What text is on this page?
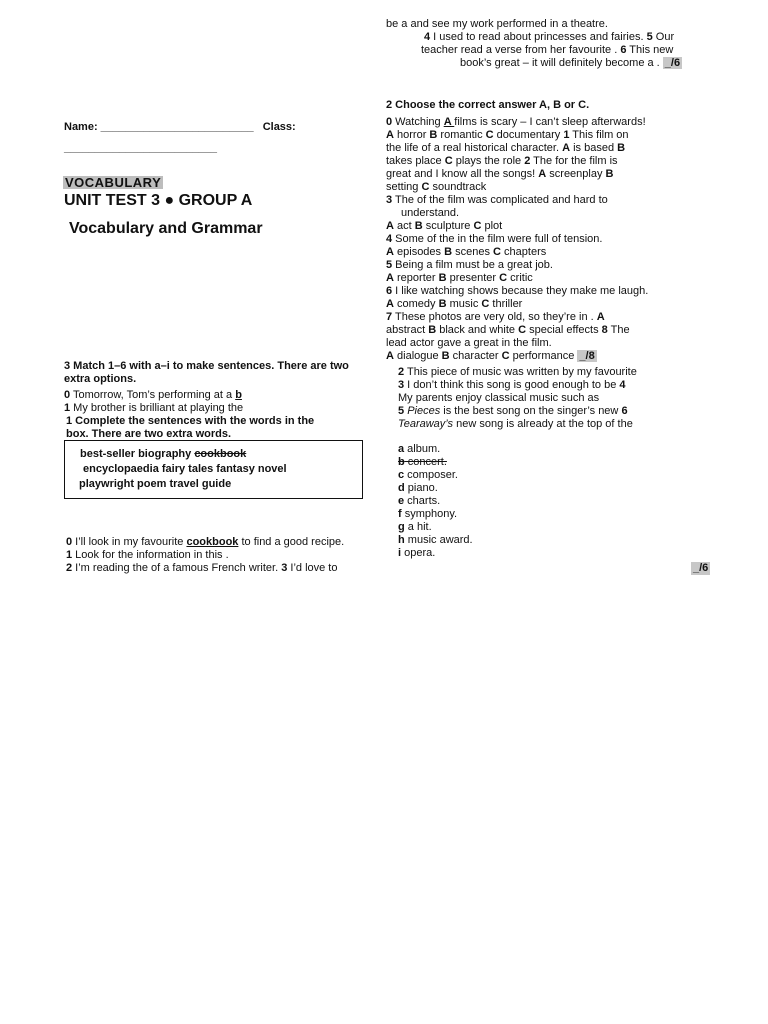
be a and see my work performed in a theatre.
4 I used to read about princesses and fairies. 5 Our
teacher read a verse from her favourite . 6 This new
book’s great – it will definitely become a . _/6
Name: _________________________ Class:
_________________________
VOCABULARY
UNIT TEST 3 ● GROUP A
Vocabulary and Grammar
3 Match 1–6 with a–i to make sentences. There are two
extra options.
0 Tomorrow, Tom’s performing at a b
1 My brother is brilliant at playing the
1 Complete the sentences with the words in the
box. There are two extra words.
best-seller biography cookbook
encyclopaedia fairy tales fantasy novel
playwright poem travel guide
0 I’ll look in my favourite cookbook to find a good recipe.
1 Look for the information in this .
2 I’m reading the of a famous French writer. 3 I’d love to
2 Choose the correct answer A, B or C.
0 Watching A films is scary – I can’t sleep afterwards!
A horror B romantic C documentary 1 This film on
the life of a real historical character. A is based B
takes place C plays the role 2 The for the film is
great and I know all the songs! A screenplay B
setting C soundtrack
3 The of the film was complicated and hard to
understand.
A act B sculpture C plot
4 Some of the in the film were full of tension.
A episodes B scenes C chapters
5 Being a film must be a great job.
A reporter B presenter C critic
6 I like watching shows because they make me laugh.
A comedy B music C thriller
7 These photos are very old, so they’re in . A
abstract B black and white C special effects 8 The
lead actor gave a great in the film.
A dialogue B character C performance _/8
2 This piece of music was written by my favourite
3 I don’t think this song is good enough to be 4
My parents enjoy classical music such as
5 Pieces is the best song on the singer’s new 6
Tearaway’s new song is already at the top of the
a album.
b concert.
c composer.
d piano.
e charts.
f symphony.
g a hit.
h music award.
i opera.
_/6
